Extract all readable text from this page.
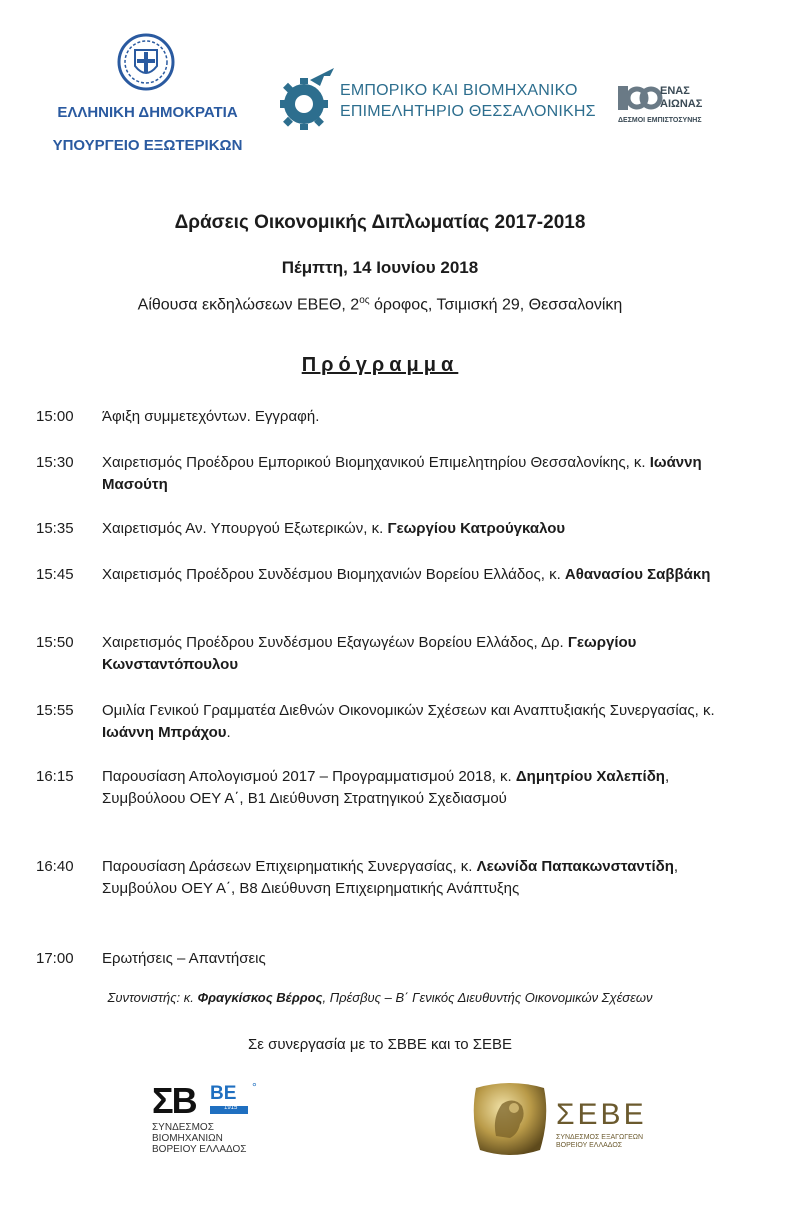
ΕΛΛΗΝΙΚΗ ΔΗΜΟΚΡΑΤΙΑ
ΥΠΟΥΡΓΕΙΟ ΕΞΩΤΕΡΙΚΩΝ
ΕΜΠΟΡΙΚΟ ΚΑΙ ΒΙΟΜΗΧΑΝΙΚΟ
ΕΠΙΜΕΛΗΤΗΡΙΟ ΘΕΣΣΑΛΟΝΙΚΗΣ
ΕΝΑΣ
ΑΙΩΝΑΣ
ΔΕΣΜΟΙ ΕΜΠΙΣΤΟΣΥΝΗΣ
Δράσεις Οικονομικής Διπλωματίας 2017-2018
Πέμπτη, 14 Ιουνίου 2018
Αίθουσα εκδηλώσεων ΕΒΕΘ, $2^{o\varsigma}$ όροφος, Τσιμισκή 29, Θεσσαλονίκη
Πρόγραμμα
15:00	Άφιξη συμμετεχόντων. Εγγραφή.
15:30	Χαιρετισμός Προέδρου Εμπορικού Βιομηχανικού Επιμελητηρίου Θεσσαλονίκης, κ. Ιωάννη Μασούτη
15:35	Χαιρετισμός Αν. Υπουργού Εξωτερικών, κ. Γεωργίου Κατρούγκαλου
15:45	Χαιρετισμός Προέδρου Συνδέσμου Βιομηχανιών Βορείου Ελλάδος, κ. Αθανασίου Σαββάκη
15:50	Χαιρετισμός Προέδρου Συνδέσμου Εξαγωγέων Βορείου Ελλάδος, Δρ. Γεωργίου Κωνσταντόπουλου
15:55	Ομιλία Γενικού Γραμματέα Διεθνών Οικονομικών Σχέσεων και Αναπτυξιακής Συνεργασίας, κ. Ιωάννη Μπράχου.
16:15	Παρουσίαση Απολογισμού 2017 – Προγραμματισμού 2018, κ. Δημητρίου Χαλεπίδη, Συμβούλοου ΟΕΥ Α΄, Β1 Διεύθυνση Στρατηγικού Σχεδιασμού
16:40	Παρουσίαση Δράσεων Επιχειρηματικής Συνεργασίας, κ. Λεωνίδα Παπακωνσταντίδη, Συμβούλου ΟΕΥ Α΄, Β8 Διεύθυνση Επιχειρηματικής Ανάπτυξης
17:00	Ερωτήσεις – Απαντήσεις
Συντονιστής: κ. Φραγκίσκος Βέρρος, Πρέσβυς – Β΄ Γενικός Διευθυντής Οικονομικών Σχέσεων
Σε συνεργασία με το ΣΒΒΕ και το ΣΕΒΕ
ΣΒ ΒΕ °
1915
ΣΥΝΔΕΣΜΟΣ
ΒΙΟΜΗΧΑΝΙΩΝ
ΒΟΡΕΙΟΥ ΕΛΛΑΔΟΣ
ΣΕΒΕ
ΣΥΝΔΕΣΜΟΣ ΕΞΑΓΩΓΕΩΝ
ΒΟΡΕΙΟΥ ΕΛΛΑΔΟΣ
